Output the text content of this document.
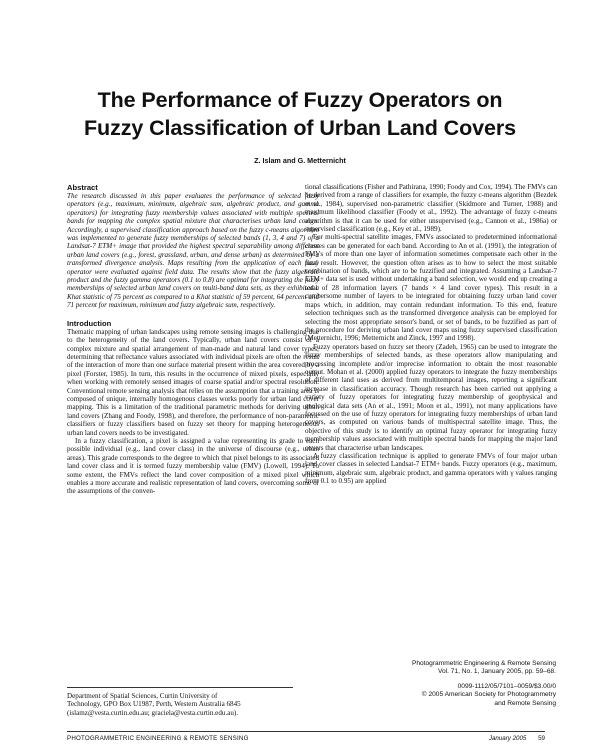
The Performance of Fuzzy Operators on
Fuzzy Classification of Urban Land Covers
Z. Islam and G. Metternicht
Abstract

The research discussed in this paper evaluates the performance of selected fuzzy operators (e.g., maximum, minimum, algebraic sum, algebraic product, and gamma operators) for integrating fuzzy membership values associated with multiple spectral bands for mapping the complex spatial mixture that characterises urban land covers. Accordingly, a supervised classification approach based on the fuzzy c-means algorithm was implemented to generate fuzzy memberships of selected bands (1, 3, 4 and 7) of a Landsat-7 ETM+ image that provided the highest spectral separability among different urban land covers (e.g., forest, grassland, urban, and dense urban) as determined by a transformed divergence analysis. Maps resulting from the application of each fuzzy operator were evaluated against field data. The results show that the fuzzy algebraic product and the fuzzy gamma operators (0.1 to 0.8) are optimal for integrating the fuzzy memberships of selected urban land covers on multi-band data sets, as they exhibited a Khat statistic of 75 percent as compared to a Khat statistic of 59 percent, 64 percent and 71 percent for maximum, minimum and fuzzy algebraic sum, respectively.

Introduction

Thematic mapping of urban landscapes using remote sensing images is challenging due to the heterogeneity of the land covers. Typically, urban land covers consist of a complex mixture and spatial arrangement of man-made and natural land cover types; determining that reflectance values associated with individual pixels are often the result of the interaction of more than one surface material present within the area covered by a pixel (Forster, 1985). In turn, this results in the occurrence of mixed pixels, especially when working with remotely sensed images of coarse spatial and/or spectral resolution. Conventional remote sensing analysis that relies on the assumption that a training area is composed of unique, internally homogenous classes works poorly for urban land cover mapping. This is a limitation of the traditional parametric methods for deriving urban land covers (Zhang and Foody, 1998), and therefore, the performance of non-parametric classifiers or fuzzy classifiers based on fuzzy set theory for mapping heterogeneous urban land covers needs to be investigated.

In a fuzzy classification, a pixel is assigned a value representing its grade to each possible individual (e.g., land cover class) in the universe of discourse (e.g., urban areas). This grade corresponds to the degree to which that pixel belongs to its associated land cover class and it is termed fuzzy membership value (FMV) (Lowell, 1994). To some extent, the FMVs reflect the land cover composition of a mixed pixel which enables a more accurate and realistic representation of land covers, overcoming some of the assumptions of the conven-

tional classifications (Fisher and Pathirana, 1990; Foody and Cox, 1994). The FMVs can be derived from a range of classifiers for example, the fuzzy c-means algorithm (Bezdek et al., 1984), supervised non-parametric classifier (Skidmore and Turner, 1988) and maximum likelihood classifier (Foody et al., 1992). The advantage of fuzzy c-means algorithm is that it can be used for either unsupervised (e.g., Cannon et al., 1986a) or supervised classification (e.g., Key et al., 1989).

For multi-spectral satellite images, FMVs associated to predetermined informational classes can be generated for each band. According to An et al. (1991), the integration of FMVs of more than one layer of information sometimes compensate each other in the final result. However, the question often arises as to how to select the most suitable combination of bands, which are to be fuzzified and integrated. Assuming a Landsat-7 ETM+ data set is used without undertaking a band selection, we would end up creating a total of 28 information layers (7 bands × 4 land cover types). This result in a cumbersome number of layers to be integrated for obtaining fuzzy urban land cover maps which, in addition, may contain redundant information. To this end, feature selection techniques such as the transformed divergence analysis can be employed for selecting the most appropriate sensor's band, or set of bands, to be fuzzified as part of the procedure for deriving urban land cover maps using fuzzy supervised classification (Metternicht, 1996; Metternicht and Zinck, 1997 and 1998).

Fuzzy operators based on fuzzy set theory (Zadeh, 1965) can be used to integrate the fuzzy memberships of selected bands, as these operators allow manipulating and processing incomplete and/or imprecise information to obtain the most reasonable output. Mohan et al. (2000) applied fuzzy operators to integrate the fuzzy memberships of different land uses as derived from multitemporal images, reporting a significant increase in classification accuracy. Though research has been carried out applying a variety of fuzzy operators for integrating fuzzy membership of geophysical and geological data sets (An et al., 1991; Moon et al., 1991), not many applications have focussed on the use of fuzzy operators for integrating fuzzy memberships of urban land covers, as computed on various bands of multispectral satellite image. Thus, the objective of this study is to identify an optimal fuzzy operator for integrating fuzzy membership values associated with multiple spectral bands for mapping the major land covers that characterise urban landscapes.

A fuzzy classification technique is applied to generate FMVs of four major urban land cover classes in selected Landsat-7 ETM+ bands. Fuzzy operators (e.g., maximum, minimum, algebraic sum, algebraic product, and gamma operators with γ values ranging from 0.1 to 0.95) are applied

Photogrammetric Engineering & Remote Sensing
Vol. 71, No. 1, January 2005, pp. 59–68.
0099-1112/05/7101–0059/$3.00/0
© 2005 American Society for Photogrammetry
and Remote Sensing
Department of Spatial Sciences, Curtin University of
Technology, GPO Box U1987, Perth, Western Australia 6845
(islamz@vesta.curtin.edu.au; graciela@vesta.curtin.edu.au).
PHOTOGRAMMETRIC ENGINEERING & REMOTE SENSING	January 2005 59
